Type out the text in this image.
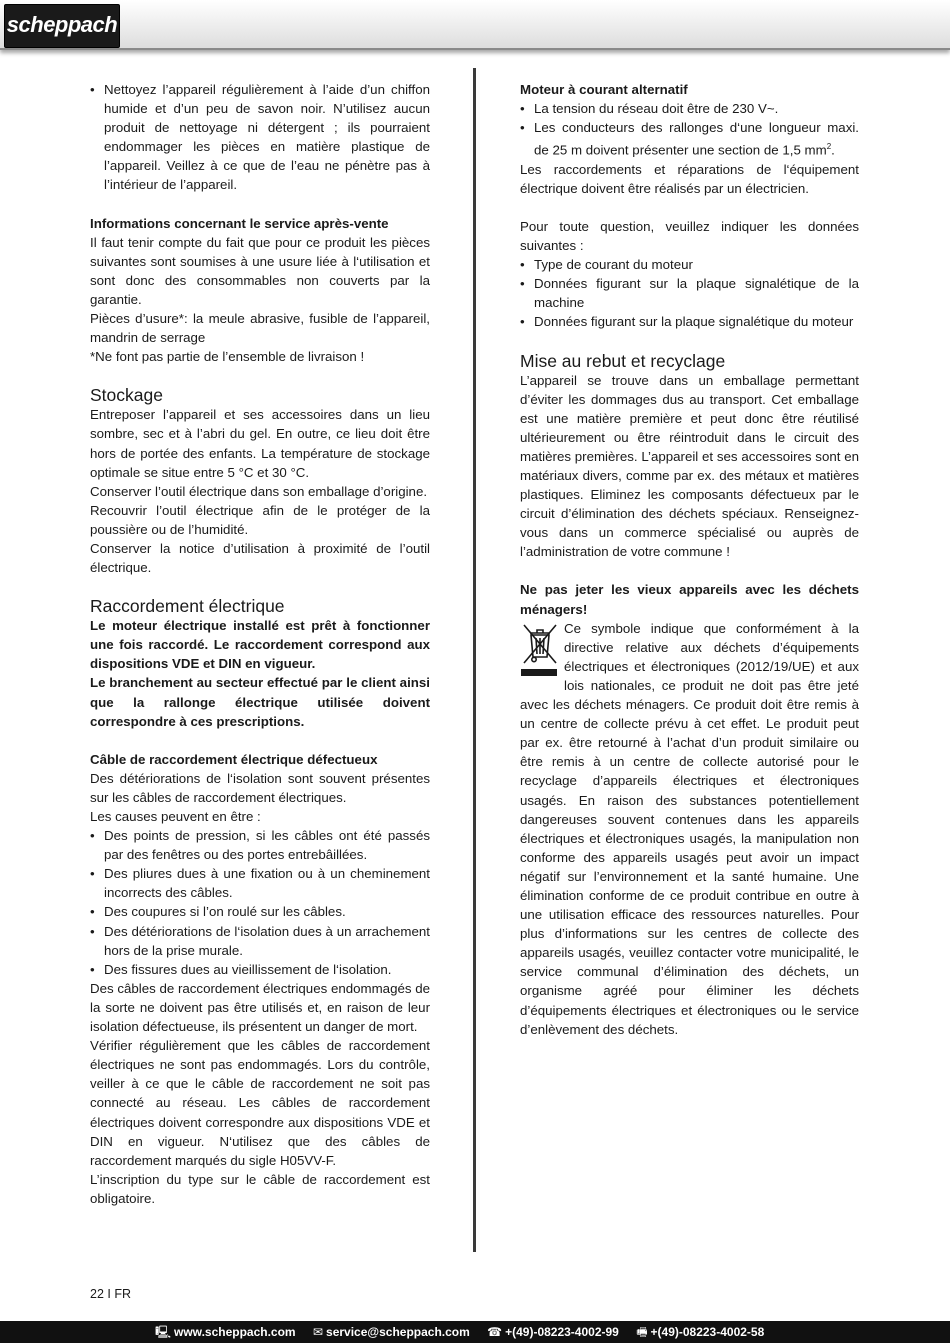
scheppach
• Nettoyez l’appareil régulièrement à l’aide d’un chiffon humide et d’un peu de savon noir. N’utilisez aucun produit de nettoyage ni détergent ; ils pourraient endommager les pièces en matière plastique de l’appareil. Veillez à ce que de l’eau ne pénètre pas à l’intérieur de l’appareil.

Informations concernant le service après-vente

Il faut tenir compte du fait que pour ce produit les pièces suivantes sont soumises à une usure liée à l‘utilisation et sont donc des consommables non couverts par la garantie.

Pièces d’usure*: la meule abrasive, fusible de l’appareil, mandrin de serrage

*Ne font pas partie de l’ensemble de livraison !

Stockage

Entreposer l’appareil et ses accessoires dans un lieu sombre, sec et à l’abri du gel. En outre, ce lieu doit être hors de portée des enfants. La température de stockage optimale se situe entre 5 °C et 30 °C.

Conserver l’outil électrique dans son emballage d’origine.

Recouvrir l’outil électrique afin de le protéger de la poussière ou de l’humidité.

Conserver la notice d’utilisation à proximité de l’outil électrique.

Raccordement électrique

Le moteur électrique installé est prêt à fonctionner une fois raccordé. Le raccordement correspond aux dispositions VDE et DIN en vigueur.

Le branchement au secteur effectué par le client ainsi que la rallonge électrique utilisée doivent correspondre à ces prescriptions.

Câble de raccordement électrique défectueux

Des détériorations de l‘isolation sont souvent présentes sur les câbles de raccordement électriques.

Les causes peuvent en être :

• Des points de pression, si les câbles ont été passés par des fenêtres ou des portes entrebâillées.
• Des pliures dues à une fixation ou à un cheminement incorrects des câbles.
• Des coupures si l’on roulé sur les câbles.
• Des détériorations de l‘isolation dues à un arrachement hors de la prise murale.
• Des fissures dues au vieillissement de l‘isolation.

Des câbles de raccordement électriques endommagés de la sorte ne doivent pas être utilisés et, en raison de leur isolation défectueuse, ils présentent un danger de mort.

Vérifier régulièrement que les câbles de raccordement électriques ne sont pas endommagés. Lors du contrôle, veiller à ce que le câble de raccordement ne soit pas connecté au réseau. Les câbles de raccordement électriques doivent correspondre aux dispositions VDE et DIN en vigueur. N‘utilisez que des câbles de raccordement marqués du sigle H05VV-F.

L’inscription du type sur le câble de raccordement est obligatoire.

Moteur à courant alternatif

• La tension du réseau doit être de 230 V~.
• Les conducteurs des rallonges d‘une longueur maxi. de 25 m doivent présenter une section de 1,5 $mm^2$.

Les raccordements et réparations de l‘équipement électrique doivent être réalisés par un électricien.

Pour toute question, veuillez indiquer les données suivantes :

• Type de courant du moteur
• Données figurant sur la plaque signalétique de la machine
• Données figurant sur la plaque signalétique du moteur
Mise au rebut et recyclage

L’appareil se trouve dans un emballage permettant d’éviter les dommages dus au transport. Cet emballage est une matière première et peut donc être réutilisé ultérieurement ou être réintroduit dans le circuit des matières premières. L’appareil et ses accessoires sont en matériaux divers, comme par ex. des métaux et matières plastiques. Eliminez les composants défectueux par le circuit d’élimination des déchets spéciaux. Renseignez-vous dans un commerce spécialisé ou auprès de l’administration de votre commune !

Ne pas jeter les vieux appareils avec les déchets ménagers!

Ce symbole indique que conformément à la directive relative aux déchets d’équipements électriques et électroniques (2012/19/UE) et aux lois nationales, ce produit ne doit pas être jeté avec les déchets ménagers. Ce produit doit être remis à un centre de collecte prévu à cet effet. Le produit peut par ex. être retourné à l’achat d’un produit similaire ou être remis à un centre de collecte autorisé pour le recyclage d’appareils électriques et électroniques usagés. En raison des substances potentiellement dangereuses souvent contenues dans les appareils électriques et électroniques usagés, la manipulation non conforme des appareils usagés peut avoir un impact négatif sur l’environnement et la santé humaine. Une élimination conforme de ce produit contribue en outre à une utilisation efficace des ressources naturelles. Pour plus d’informations sur les centres de collecte des appareils usagés, veuillez contacter votre municipalité, le service communal d’élimination des déchets, un organisme agréé pour éliminer les déchets d’équipements électriques et électroniques ou le service d’enlèvement des déchets.

22 I FR
🖳 www.scheppach.com ✉ service@scheppach.com ☎ +(49)-08223-4002-99 🖷 +(49)-08223-4002-58
